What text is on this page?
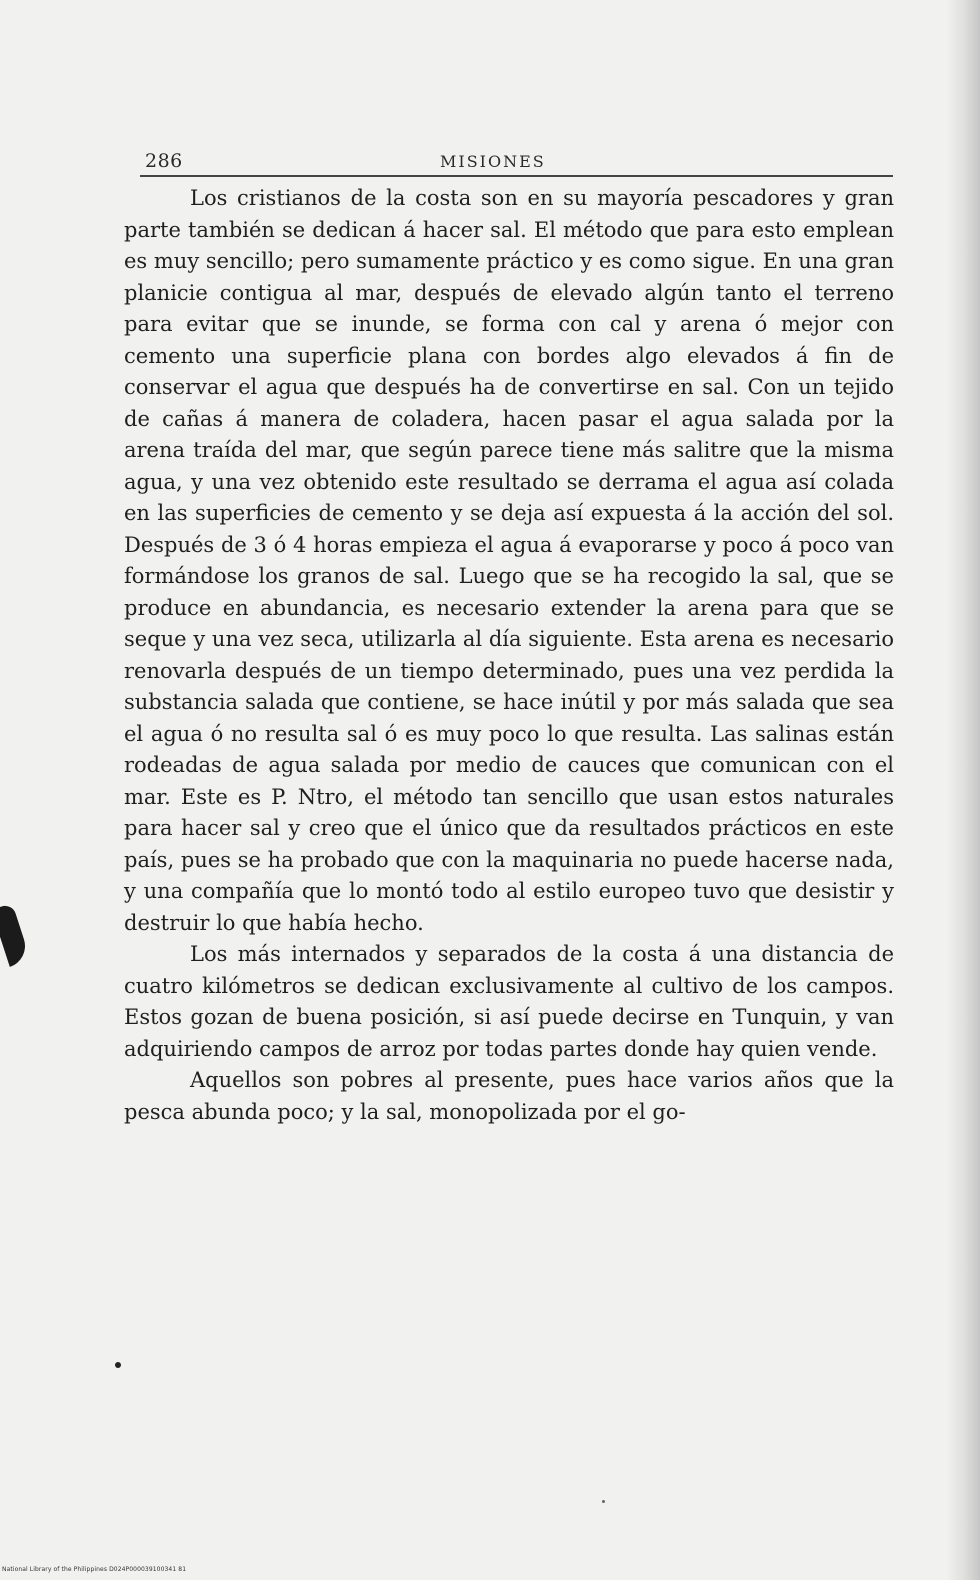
286	MISIONES

Los cristianos de la costa son en su mayoría pescadores y gran parte también se dedican á hacer sal. El método que para esto emplean es muy sencillo; pero sumamente práctico y es como sigue. En una gran planicie contigua al mar, después de elevado algún tanto el terreno para evitar que se inunde, se forma con cal y arena ó mejor con cemento una superficie plana con bordes algo elevados á fin de conservar el agua que después ha de convertirse en sal. Con un tejido de cañas á manera de coladera, hacen pasar el agua salada por la arena traída del mar, que según parece tiene más salitre que la misma agua, y una vez obtenido este resultado se derrama el agua así colada en las superficies de cemento y se deja así expuesta á la acción del sol. Después de 3 ó 4 horas empieza el agua á evaporarse y poco á poco van formándose los granos de sal. Luego que se ha recogido la sal, que se produce en abundancia, es necesario extender la arena para que se seque y una vez seca, utilizarla al día siguiente. Esta arena es necesario renovarla después de un tiempo determinado, pues una vez perdida la substancia salada que contiene, se hace inútil y por más salada que sea el agua ó no resulta sal ó es muy poco lo que resulta. Las salinas están rodeadas de agua salada por medio de cauces que comunican con el mar. Este es P. Ntro, el método tan sencillo que usan estos naturales para hacer sal y creo que el único que da resultados prácticos en este país, pues se ha probado que con la maquinaria no puede hacerse nada, y una compañía que lo montó todo al estilo europeo tuvo que desistir y destruir lo que había hecho.

Los más internados y separados de la costa á una distancia de cuatro kilómetros se dedican exclusivamente al cultivo de los campos. Estos gozan de buena posición, si así puede decirse en Tunquin, y van adquiriendo campos de arroz por todas partes donde hay quien vende.

Aquellos son pobres al presente, pues hace varios años que la pesca abunda poco; y la sal, monopolizada por el go-

National Library of the Philippines D024P000039100341 81
